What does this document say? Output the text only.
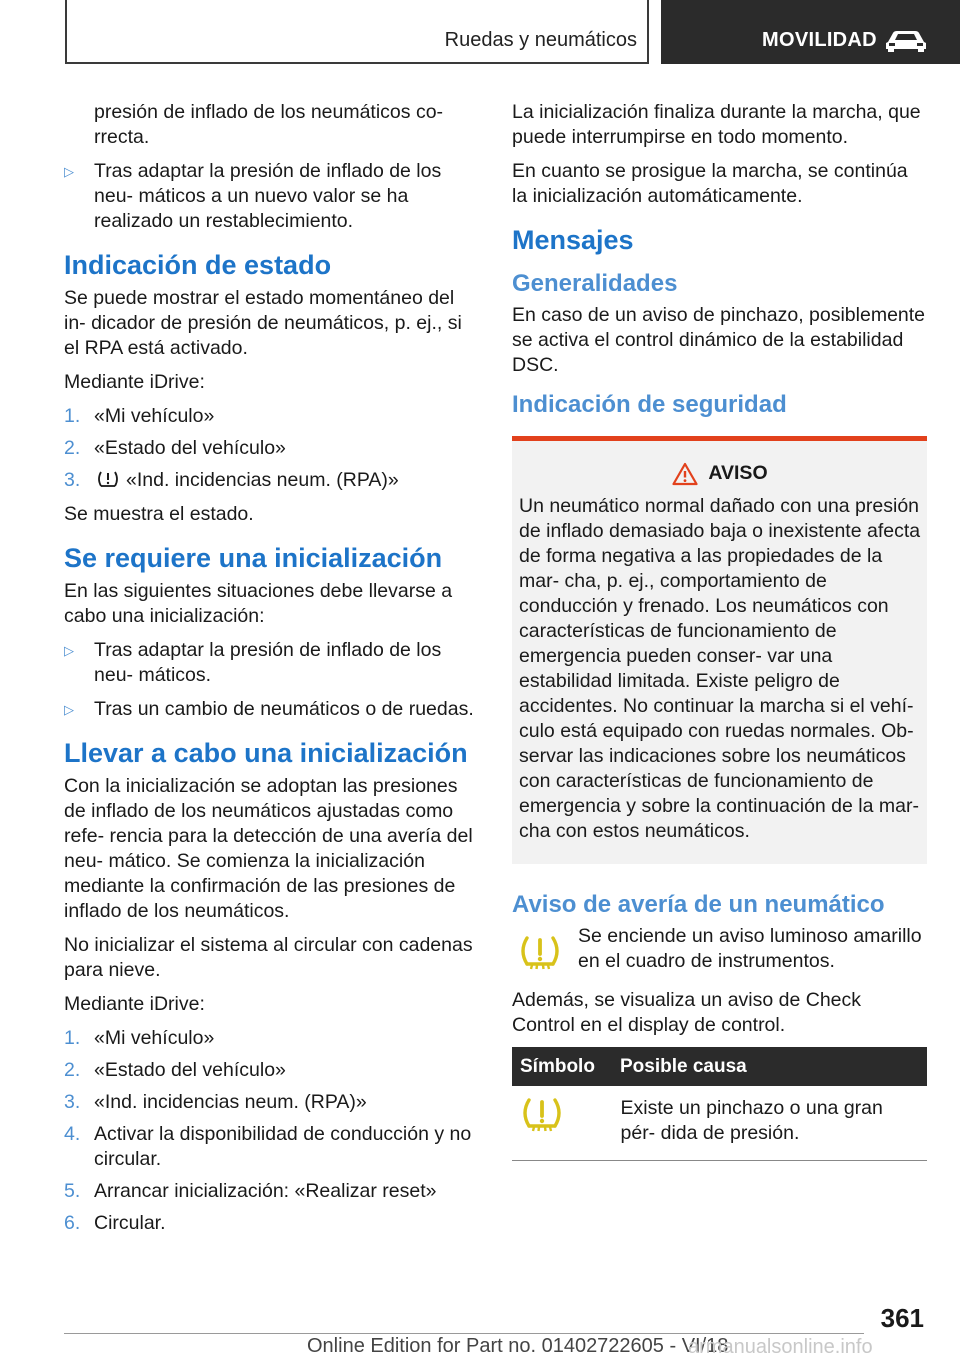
Ruedas y neumáticos	MOVILIDAD

presión de inflado de los neumáticos co‐ rrecta.

▷	Tras adaptar la presión de inflado de los neu‐ máticos a un nuevo valor se ha realizado un restablecimiento.
Indicación de estado

Se puede mostrar el estado momentáneo del in‐ dicador de presión de neumáticos, p. ej., si el RPA está activado.

Mediante iDrive:

1. «Mi vehículo»
2. «Estado del vehículo»
3.	«Ind. incidencias neum. (RPA)»

Se muestra el estado.

Se requiere una inicialización

En las siguientes situaciones debe llevarse a cabo una inicialización:

▷	Tras adaptar la presión de inflado de los neu‐ máticos.
▷	Tras un cambio de neumáticos o de ruedas.
Llevar a cabo una inicialización

Con la inicialización se adoptan las presiones de inflado de los neumáticos ajustadas como refe‐ rencia para la detección de una avería del neu‐ mático. Se comienza la inicialización mediante la confirmación de las presiones de inflado de los neumáticos.

No inicializar el sistema al circular con cadenas para nieve.

Mediante iDrive:

1. «Mi vehículo»
2. «Estado del vehículo»
3. «Ind. incidencias neum. (RPA)»
4. Activar la disponibilidad de conducción y no circular.
5. Arrancar inicialización: «Realizar reset»
6. Circular.

La inicialización finaliza durante la marcha, que puede interrumpirse en todo momento.

En cuanto se prosigue la marcha, se continúa la inicialización automáticamente.

Mensajes
Generalidades

En caso de un aviso de pinchazo, posiblemente se activa el control dinámico de la estabilidad DSC.

Indicación de seguridad
AVISO

Un neumático normal dañado con una presión de inflado demasiado baja o inexistente afecta de forma negativa a las propiedades de la mar‐ cha, p. ej., comportamiento de conducción y frenado. Los neumáticos con características de funcionamiento de emergencia pueden conser‐ var una estabilidad limitada. Existe peligro de accidentes. No continuar la marcha si el vehí‐ culo está equipado con ruedas normales. Ob‐ servar las indicaciones sobre los neumáticos con características de funcionamiento de emergencia y sobre la continuación de la mar‐ cha con estos neumáticos.

Aviso de avería de un neumático
Se enciende un aviso luminoso amarillo en el cuadro de instrumentos.

Además, se visualiza un aviso de Check Control en el display de control.

Símbolo	Posible causa
	Existe un pinchazo o una gran pér‐ dida de presión.
361
Online Edition for Part no. 01402722605 - VI/18
armanualsonline.info
